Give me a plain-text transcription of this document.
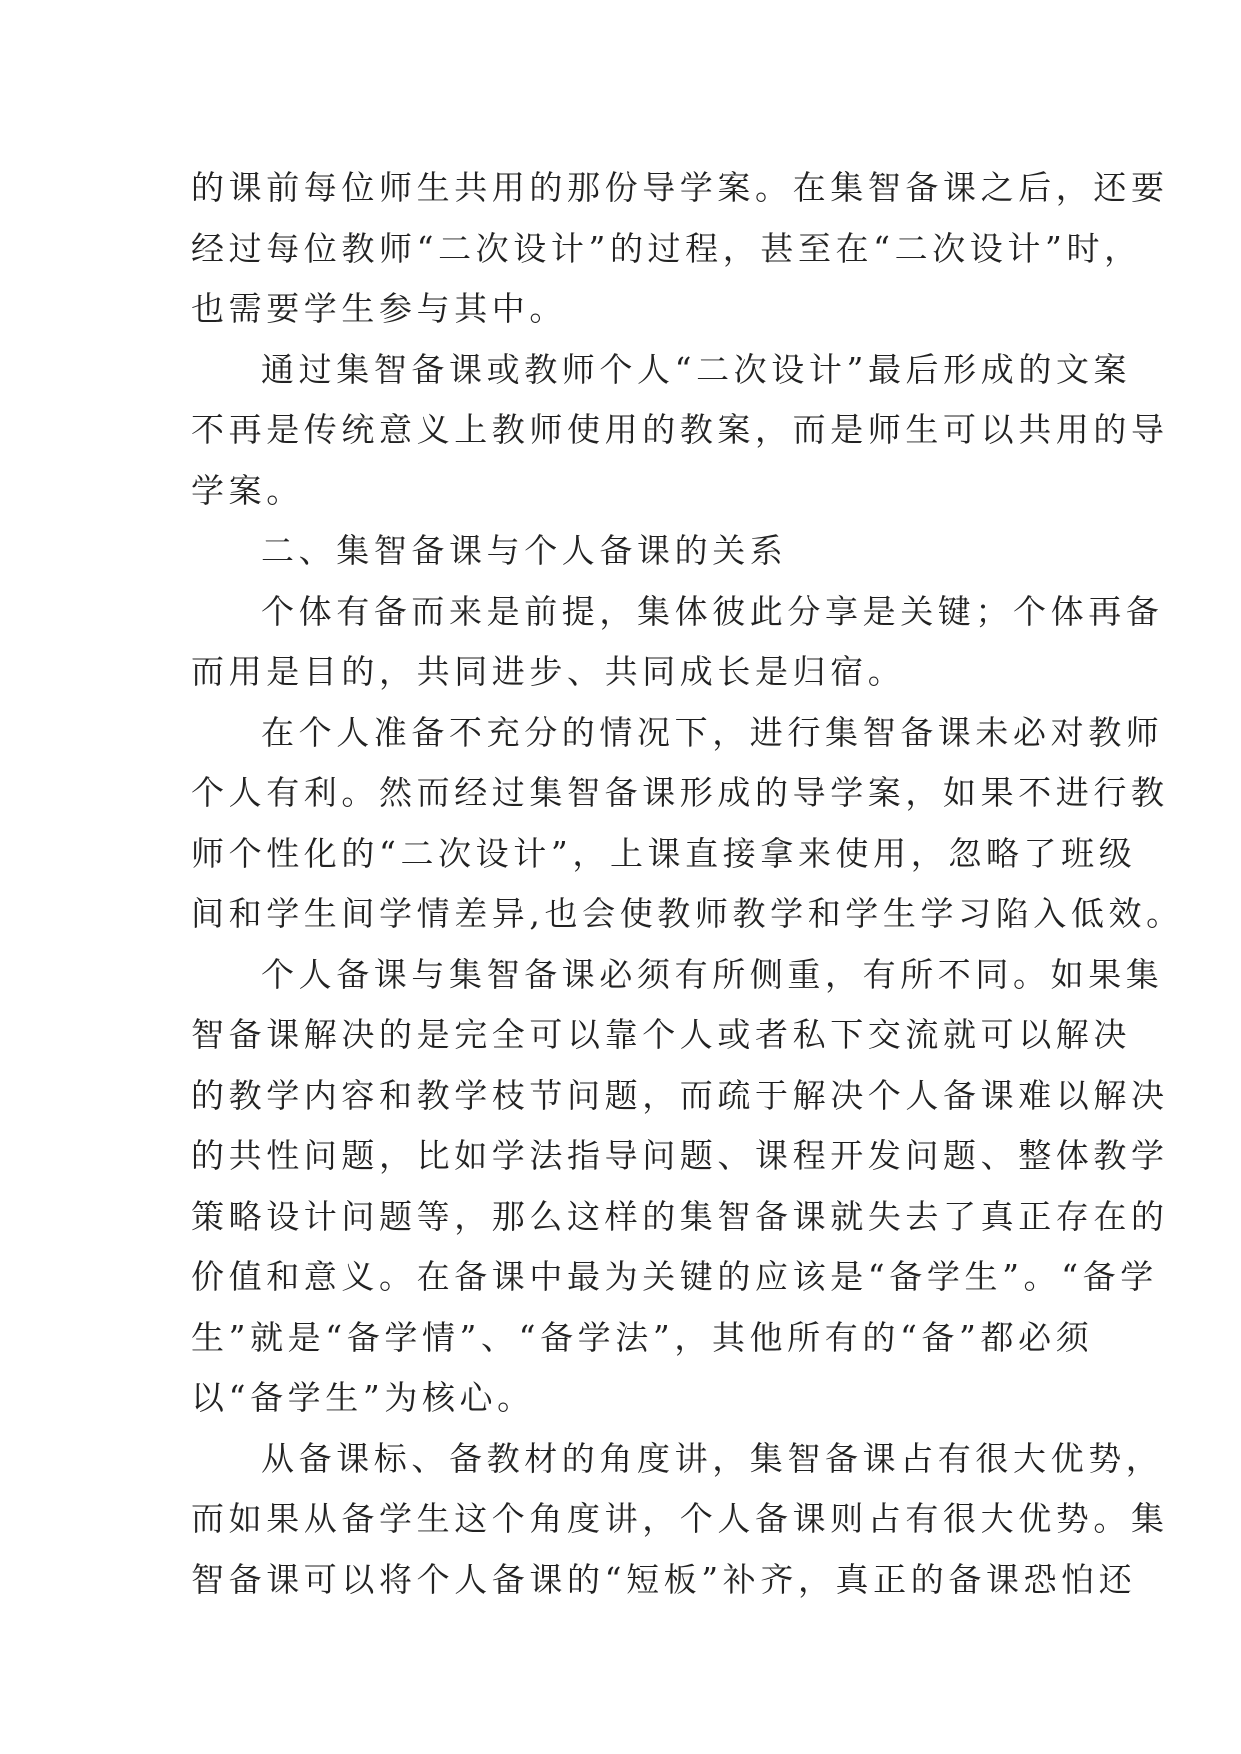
的课前每位师生共用的那份导学案。在集智备课之后，还要
经过每位教师“二次设计”的过程，甚至在“二次设计”时，
也需要学生参与其中。
通过集智备课或教师个人“二次设计”最后形成的文案
不再是传统意义上教师使用的教案，而是师生可以共用的导
学案。
二、集智备课与个人备课的关系
个体有备而来是前提，集体彼此分享是关键；个体再备
而用是目的，共同进步、共同成长是归宿。
在个人准备不充分的情况下，进行集智备课未必对教师
个人有利。然而经过集智备课形成的导学案，如果不进行教
师个性化的“二次设计”，上课直接拿来使用，忽略了班级
间和学生间学情差异,也会使教师教学和学生学习陷入低效。
个人备课与集智备课必须有所侧重，有所不同。如果集
智备课解决的是完全可以靠个人或者私下交流就可以解决
的教学内容和教学枝节问题，而疏于解决个人备课难以解决
的共性问题，比如学法指导问题、课程开发问题、整体教学
策略设计问题等，那么这样的集智备课就失去了真正存在的
价值和意义。在备课中最为关键的应该是“备学生”。“备学
生”就是“备学情”、“备学法”，其他所有的“备”都必须
以“备学生”为核心。
从备课标、备教材的角度讲，集智备课占有很大优势，
而如果从备学生这个角度讲，个人备课则占有很大优势。集
智备课可以将个人备课的“短板”补齐，真正的备课恐怕还
